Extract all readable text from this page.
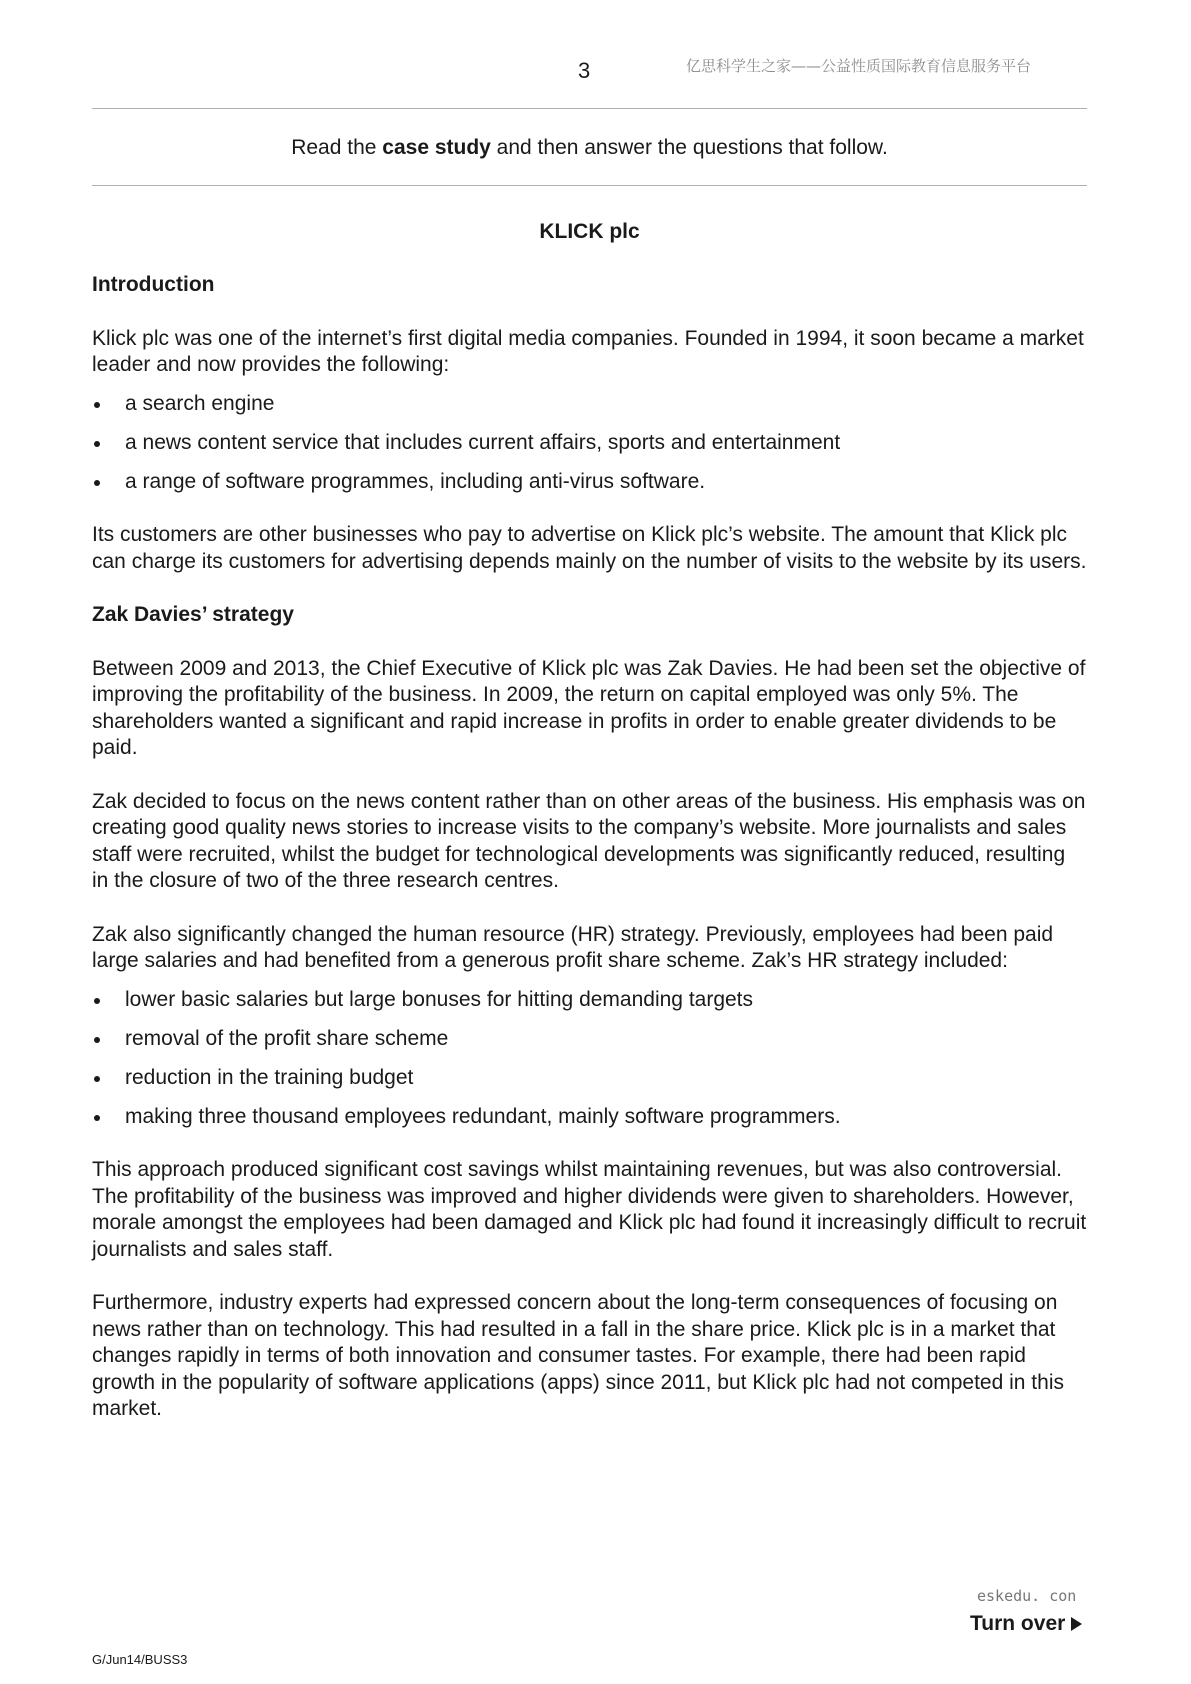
3	亿思科学生之家——公益性质国际教育信息服务平台
Read the case study and then answer the questions that follow.
KLICK plc
Introduction

Klick plc was one of the internet’s first digital media companies. Founded in 1994, it soon became a market leader and now provides the following:

a search engine
a news content service that includes current affairs, sports and entertainment
a range of software programmes, including anti-virus software.

Its customers are other businesses who pay to advertise on Klick plc’s website. The amount that Klick plc can charge its customers for advertising depends mainly on the number of visits to the website by its users.

Zak Davies’ strategy

Between 2009 and 2013, the Chief Executive of Klick plc was Zak Davies. He had been set the objective of improving the profitability of the business. In 2009, the return on capital employed was only 5%. The shareholders wanted a significant and rapid increase in profits in order to enable greater dividends to be paid.

Zak decided to focus on the news content rather than on other areas of the business. His emphasis was on creating good quality news stories to increase visits to the company’s website. More journalists and sales staff were recruited, whilst the budget for technological developments was significantly reduced, resulting in the closure of two of the three research centres.

Zak also significantly changed the human resource (HR) strategy. Previously, employees had been paid large salaries and had benefited from a generous profit share scheme. Zak’s HR strategy included:

lower basic salaries but large bonuses for hitting demanding targets
removal of the profit share scheme
reduction in the training budget
making three thousand employees redundant, mainly software programmers.

This approach produced significant cost savings whilst maintaining revenues, but was also controversial. The profitability of the business was improved and higher dividends were given to shareholders. However, morale amongst the employees had been damaged and Klick plc had found it increasingly difficult to recruit journalists and sales staff.

Furthermore, industry experts had expressed concern about the long-term consequences of focusing on news rather than on technology. This had resulted in a fall in the share price. Klick plc is in a market that changes rapidly in terms of both innovation and consumer tastes. For example, there had been rapid growth in the popularity of software applications (apps) since 2011, but Klick plc had not competed in this market.

eskedu. con
Turn over
G/Jun14/BUSS3
